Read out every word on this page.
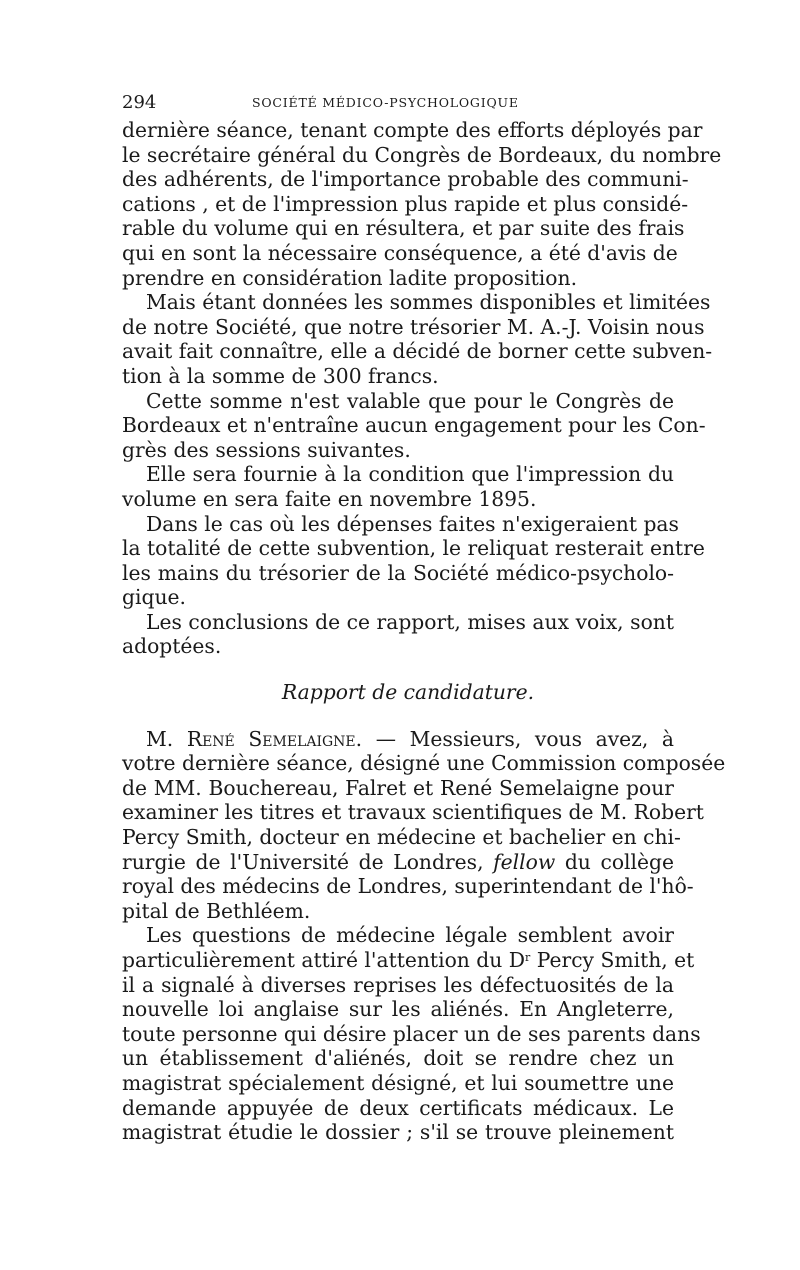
294	SOCIÉTÉ MÉDICO-PSYCHOLOGIQUE
dernière séance, tenant compte des efforts déployés par
le secrétaire général du Congrès de Bordeaux, du nombre
des adhérents, de l'importance probable des communi-
cations , et de l'impression plus rapide et plus considé-
rable du volume qui en résultera, et par suite des frais
qui en sont la nécessaire conséquence, a été d'avis de
prendre en considération ladite proposition.
Mais étant données les sommes disponibles et limitées
de notre Société, que notre trésorier M. A.-J. Voisin nous
avait fait connaître, elle a décidé de borner cette subven-
tion à la somme de 300 francs.
Cette somme n'est valable que pour le Congrès de
Bordeaux et n'entraîne aucun engagement pour les Con-
grès des sessions suivantes.
Elle sera fournie à la condition que l'impression du
volume en sera faite en novembre 1895.
Dans le cas où les dépenses faites n'exigeraient pas
la totalité de cette subvention, le reliquat resterait entre
les mains du trésorier de la Société médico-psycholo-
gique.
Les conclusions de ce rapport, mises aux voix, sont
adoptées.
Rapport de candidature.
M. René Semelaigne. — Messieurs, vous avez, à
votre dernière séance, désigné une Commission composée
de MM. Bouchereau, Falret et René Semelaigne pour
examiner les titres et travaux scientifiques de M. Robert
Percy Smith, docteur en médecine et bachelier en chi-
rurgie de l'Université de Londres, fellow du collège
royal des médecins de Londres, superintendant de l'hô-
pital de Bethléem.
Les questions de médecine légale semblent avoir
particulièrement attiré l'attention du $D^r$ Percy Smith, et
il a signalé à diverses reprises les défectuosités de la
nouvelle loi anglaise sur les aliénés. En Angleterre,
toute personne qui désire placer un de ses parents dans
un établissement d'aliénés, doit se rendre chez un
magistrat spécialement désigné, et lui soumettre une
demande appuyée de deux certificats médicaux. Le
magistrat étudie le dossier ; s'il se trouve pleinement
